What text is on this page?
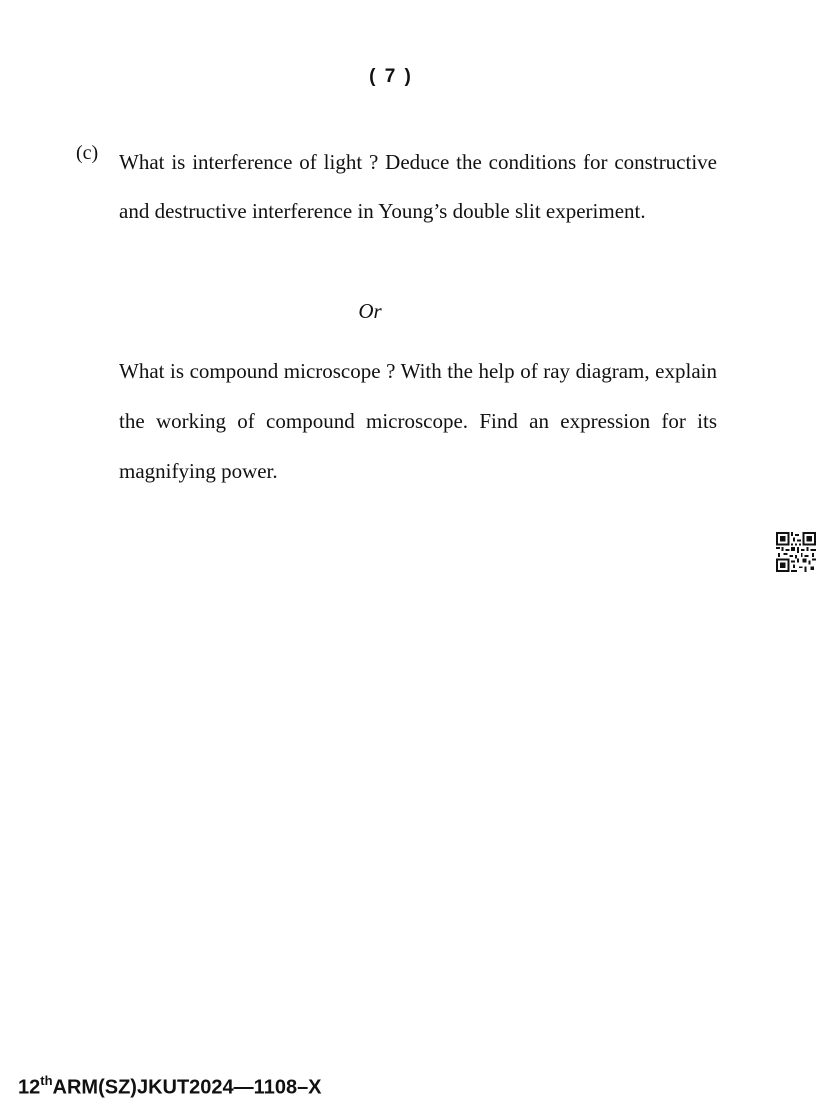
( 7 )
(c) What is interference of light ? Deduce the conditions for constructive and destructive interference in Young’s double slit experiment.
Or
What is compound microscope ? With the help of ray diagram, explain the working of compound microscope. Find an expression for its magnifying power.
12thARM(SZ)JKUT2024—1108–X
